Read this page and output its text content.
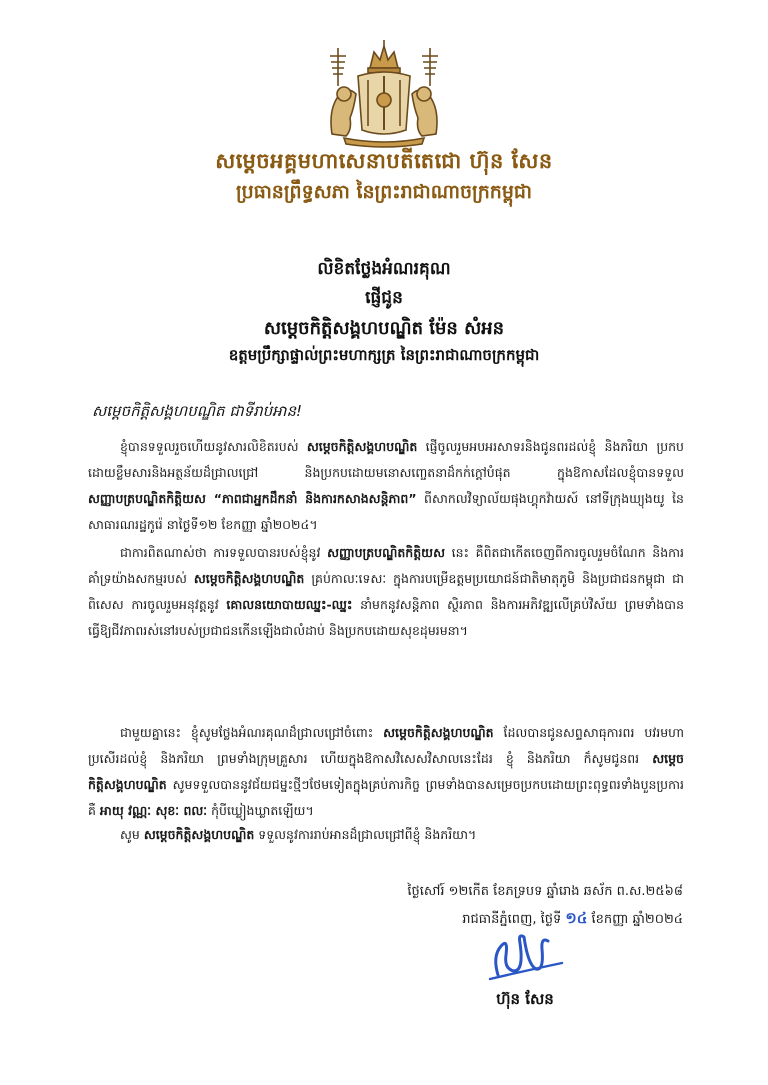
សម្តេចអគ្គមហាសេនាបតីតេជោ ហ៊ុន សែន
ប្រធានព្រឹទ្ធសភា នៃព្រះរាជាណាចក្រកម្ពុជា
លិខិតថ្លែងអំណរគុណ
ផ្ញើជូន
សម្តេចកិត្តិសង្គហបណ្ឌិត ម៉ែន សំអន
ឧត្តមប្រឹក្សាផ្ទាល់ព្រះមហាក្សត្រ នៃព្រះរាជាណាចក្រកម្ពុជា
សម្តេចកិត្តិសង្គហបណ្ឌិត ជាទីរាប់អាន!
ខ្ញុំបានទទួលរួចហើយនូវសារលិខិតរបស់ សម្តេចកិត្តិសង្គហបណ្ឌិត ផ្ញើចូលរួមអបអរសាទរនិងជូនពរដល់ខ្ញុំ និងភរិយា ប្រកបដោយខ្លឹមសារនិងអត្ថន័យដ៏ជ្រាលជ្រៅ និងប្រកបដោយមនោសញ្ចេតនាដ៏កក់ក្តៅបំផុត ក្នុងឱកាសដែលខ្ញុំបានទទួល សញ្ញាបត្របណ្ឌិតកិត្តិយស “ភាពជាអ្នកដឹកនាំ និងការកសាងសន្តិភាព” ពីសាកលវិទ្យាល័យផុងហ្គុកវ៉ាយស៍ នៅទីក្រុងឃ្យុងយូ នៃសាធារណរដ្ឋកូរ៉េ នាថ្ងៃទី១២ ខែកញ្ញា ឆ្នាំ២០២៤។
ជាការពិតណាស់ថា ការទទួលបានរបស់ខ្ញុំនូវ សញ្ញាបត្របណ្ឌិតកិត្តិយស នេះ គឺពិតជាកើតចេញពីការចូលរួមចំណែក និងការគាំទ្រយ៉ាងសកម្មរបស់ សម្តេចកិត្តិសង្គហបណ្ឌិត គ្រប់កាលៈទេសៈ ក្នុងការបម្រើឧត្តមប្រយោជន៍ជាតិមាតុភូមិ និងប្រជាជនកម្ពុជា ជាពិសេស ការចូលរួមអនុវត្តនូវ គោលនយោបាយឈ្នះ-ឈ្នះ នាំមកនូវសន្តិភាព ស្ថិរភាព និងការអភិវឌ្ឍលើគ្រប់វិស័យ ព្រមទាំងបានធ្វើឱ្យជីវភាពរស់នៅរបស់ប្រជាជនកើនឡើងជាលំដាប់ និងប្រកបដោយសុខដុមរមនា។
ជាមួយគ្នានេះ ខ្ញុំសូមថ្លែងអំណរគុណដ៏ជ្រាលជ្រៅចំពោះ សម្តេចកិត្តិសង្គហបណ្ឌិត ដែលបានជូនសព្ទសាធុការពរ បវរមហាប្រសើរដល់ខ្ញុំ និងភរិយា ព្រមទាំងក្រុមគ្រួសារ ហើយក្នុងឱកាសវិសេសវិសាលនេះដែរ ខ្ញុំ និងភរិយា ក៏សូមជូនពរ សម្តេចកិត្តិសង្គហបណ្ឌិត សូមទទួលបាននូវជ័យជម្នះថ្មីៗថែមទៀតក្នុងគ្រប់ភារកិច្ច ព្រមទាំងបានសម្រេចប្រកបដោយព្រះពុទ្ធពរទាំងបួនប្រការ គឺ អាយុ វណ្ណៈ សុខៈ ពលៈ កុំបីឃ្លៀងឃ្លាតឡើយ។
សូម សម្តេចកិត្តិសង្គហបណ្ឌិត ទទួលនូវការរាប់អានដ៏ជ្រាលជ្រៅពីខ្ញុំ និងភរិយា។
ថ្ងៃសៅរ៍ ១២កើត ខែភទ្របទ ឆ្នាំរោង ឆស័ក ព.ស.២៥៦៨
រាជធានីភ្នំពេញ, ថ្ងៃទី ១៤ ខែកញ្ញា ឆ្នាំ២០២៤
ហ៊ុន សែន
